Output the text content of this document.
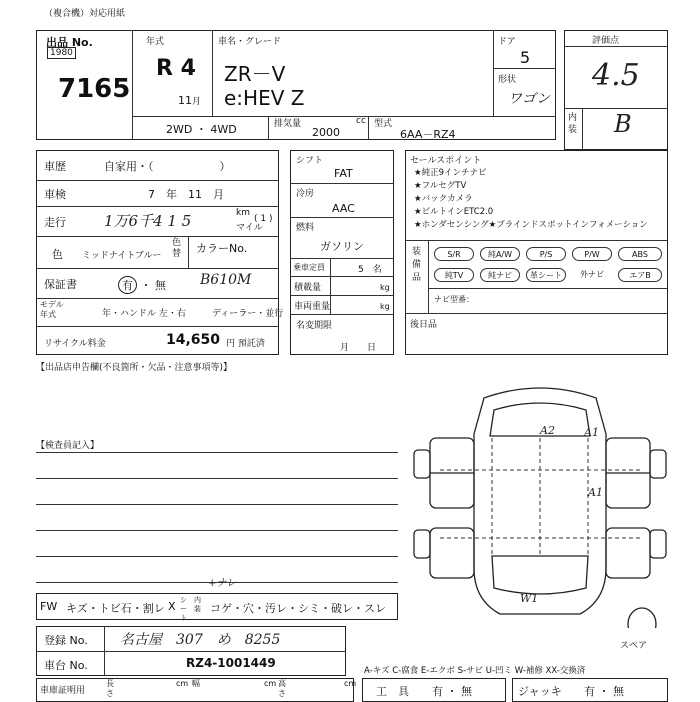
（複合機）対応用紙
出品 No.
1980
7165
年式
R 4
11月
車名・グレード
ZR－V
e:HEV Z
ドア
5
形状
ワゴン
2WD ・ 4WD	排気量	cc
2000
型式
6AA－RZ4
評価点
4.5
内装 B
車歴	自家用・（　　　　　　）
車検	7　 年　 11　 月
走行	1万6千4 1 5	km
マイル
( 1 )
色 ミッドナイトブルー
色替 カラーNo.
保証書	有 ・ 無 B610M
モデル年式	年・ハンドル 左・右	ディーラー・並行
リサイクル料金	14,650 円 預託済
シフト
FAT
冷房
AAC
燃料
ガソリン
乗車定員	5　 名
積載量	kg
車両重量	kg
名変期限
月　　 日
セールスポイント
★純正9インチナビ
★フルセグTV
★バックカメラ
★ビルトインETC2.0
★ホンダセンシング★ブラインドスポットインフォメーション
装備品
S/R	純A/W	P/S	P/W	ABS
純TV	純ナビ	革シート	外ナビ	エアB
ナビ型番：
後日品
【出品店申告欄(不良箇所・欠品・注意事項等)】
【検査員記入】
A2	A1
A1
W1
スペア
FW キズ・トビ石・割レ X シート
内装 コゲ・穴・汚レ・シミ・破レ・スレ
+ナレ
登録 No. 名古屋　307　め　8255
車台 No.	RZ4-1001449
A-キズ C-腐食 E-エクボ S-サビ U-凹ミ W-補修 XX-交換済
車庫証明用
長さ
cm 幅	cm 高さ
cm
工　具 有 ・ 無	ジャッキ 有 ・ 無
